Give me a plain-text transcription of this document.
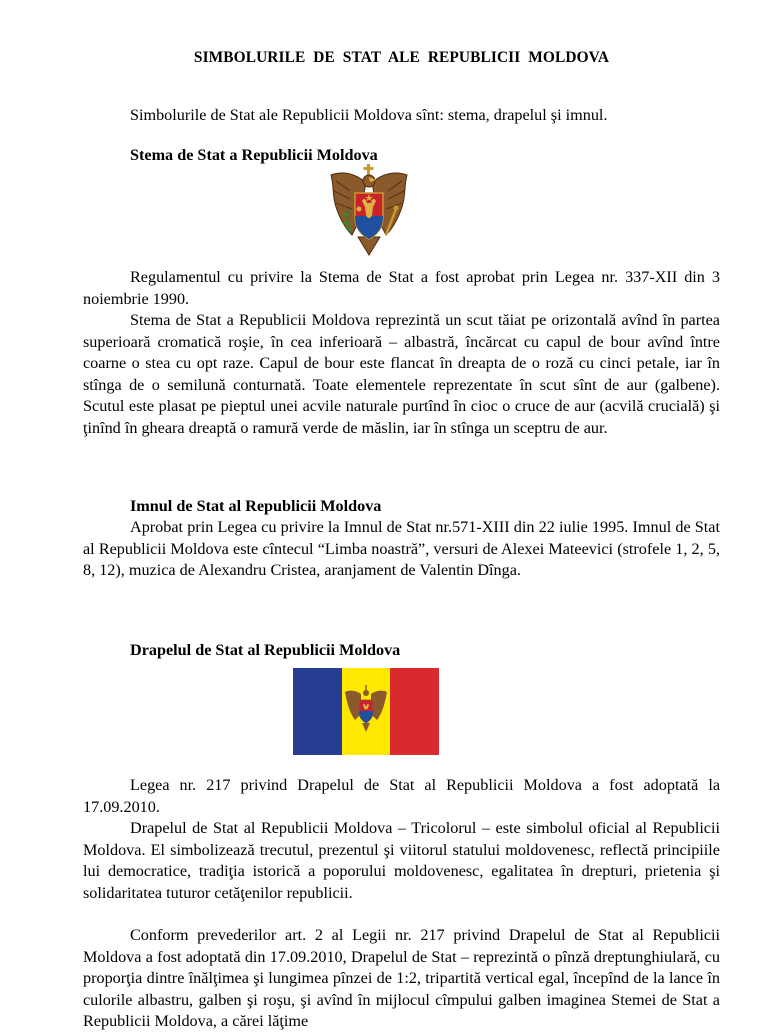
SIMBOLURILE DE STAT ALE REPUBLICII MOLDOVA
Simbolurile de Stat ale Republicii Moldova sînt: stema, drapelul şi imnul.
Stema de Stat a Republicii Moldova

Regulamentul cu privire la Stema de Stat a fost aprobat prin Legea nr. 337-XII din 3 noiembrie 1990.

Stema de Stat a Republicii Moldova reprezintă un scut tăiat pe orizontală avînd în partea superioară cromatică roşie, în cea inferioară – albastră, încărcat cu capul de bour avînd între coarne o stea cu opt raze. Capul de bour este flancat în dreapta de o roză cu cinci petale, iar în stînga de o semilună conturnată. Toate elementele reprezentate în scut sînt de aur (galbene). Scutul este plasat pe pieptul unei acvile naturale purtînd în cioc o cruce de aur (acvilă crucială) şi ţinînd în gheara dreaptă o ramură verde de măslin, iar în stînga un sceptru de aur.

Imnul de Stat al Republicii Moldova

Aprobat prin Legea cu privire la Imnul de Stat nr.571-XIII din 22 iulie 1995. Imnul de Stat al Republicii Moldova este cîntecul “Limba noastră”, versuri de Alexei Mateevici (strofele 1, 2, 5, 8, 12), muzica de Alexandru Cristea, aranjament de Valentin Dînga.

Drapelul de Stat al Republicii Moldova

Legea nr. 217 privind Drapelul de Stat al Republicii Moldova a fost adoptată la 17.09.2010.

Drapelul de Stat al Republicii Moldova – Tricolorul – este simbolul oficial al Republicii Moldova. El simbolizează trecutul, prezentul şi viitorul statului moldovenesc, reflectă principiile lui democratice, tradiţia istorică a poporului moldovenesc, egalitatea în drepturi, prietenia şi solidaritatea tuturor cetăţenilor republicii.

Conform prevederilor art. 2 al Legii nr. 217 privind Drapelul de Stat al Republicii Moldova a fost adoptată din 17.09.2010, Drapelul de Stat – reprezintă o pînză dreptunghiulară, cu proporţia dintre înălţimea şi lungimea pînzei de 1:2, tripartită vertical egal, începînd de la lance în culorile albastru, galben şi roşu, şi avînd în mijlocul cîmpului galben imaginea Stemei de Stat a Republicii Moldova, a cărei lăţime
